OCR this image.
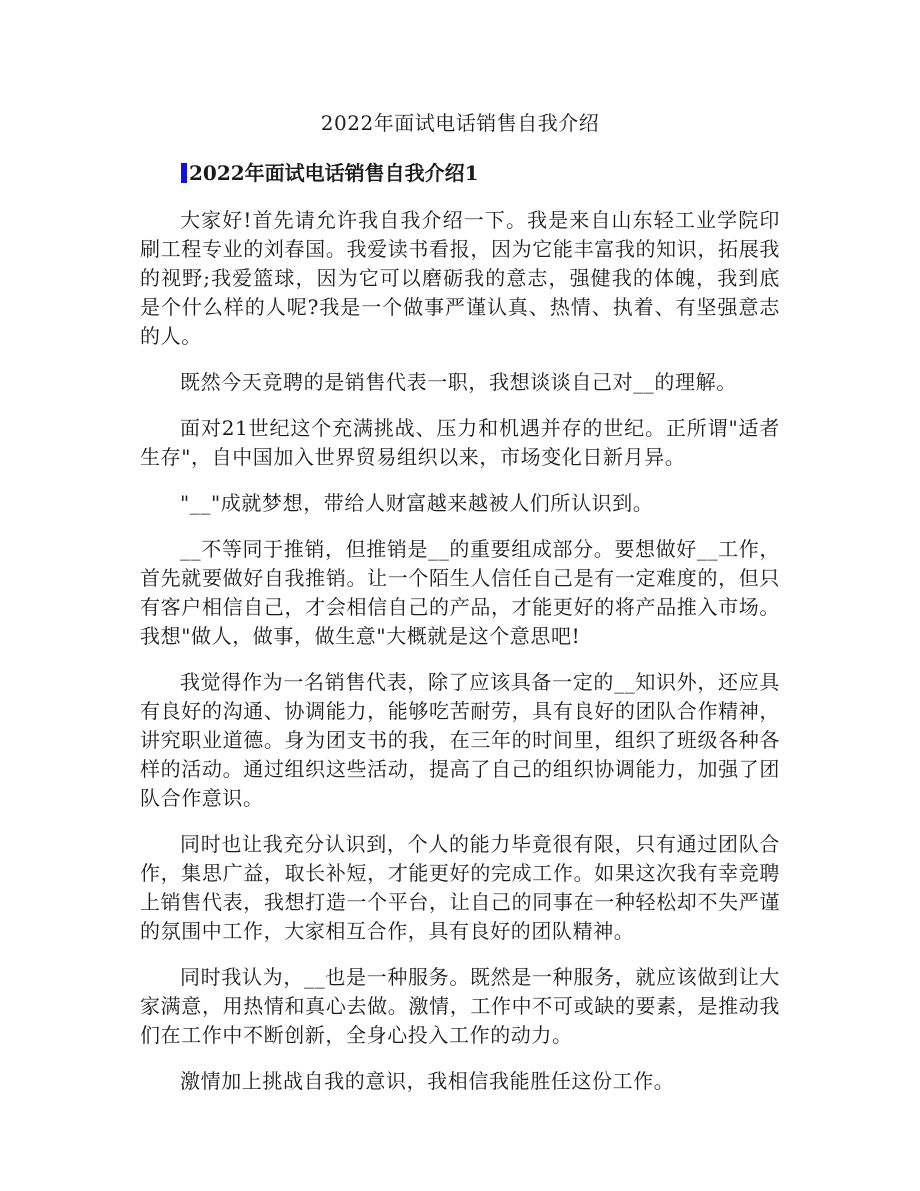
2022年面试电话销售自我介绍
2022年面试电话销售自我介绍1

大家好!首先请允许我自我介绍一下。我是来自山东轻工业学院印刷工程专业的刘春国。我爱读书看报，因为它能丰富我的知识，拓展我的视野;我爱篮球，因为它可以磨砺我的意志，强健我的体魄，我到底是个什么样的人呢?我是一个做事严谨认真、热情、执着、有坚强意志的人。

既然今天竞聘的是销售代表一职，我想谈谈自己对__的理解。

面对21世纪这个充满挑战、压力和机遇并存的世纪。正所谓"适者生存"，自中国加入世界贸易组织以来，市场变化日新月异。

"__"成就梦想，带给人财富越来越被人们所认识到。

__不等同于推销，但推销是__的重要组成部分。要想做好__工作，首先就要做好自我推销。让一个陌生人信任自己是有一定难度的，但只有客户相信自己，才会相信自己的产品，才能更好的将产品推入市场。我想"做人，做事，做生意"大概就是这个意思吧!

我觉得作为一名销售代表，除了应该具备一定的__知识外，还应具有良好的沟通、协调能力，能够吃苦耐劳，具有良好的团队合作精神，讲究职业道德。身为团支书的我，在三年的时间里，组织了班级各种各样的活动。通过组织这些活动，提高了自己的组织协调能力，加强了团队合作意识。

同时也让我充分认识到，个人的能力毕竟很有限，只有通过团队合作，集思广益，取长补短，才能更好的完成工作。如果这次我有幸竞聘上销售代表，我想打造一个平台，让自己的同事在一种轻松却不失严谨的氛围中工作，大家相互合作，具有良好的团队精神。

同时我认为，__也是一种服务。既然是一种服务，就应该做到让大家满意，用热情和真心去做。激情，工作中不可或缺的要素，是推动我们在工作中不断创新，全身心投入工作的动力。

激情加上挑战自我的意识，我相信我能胜任这份工作。
